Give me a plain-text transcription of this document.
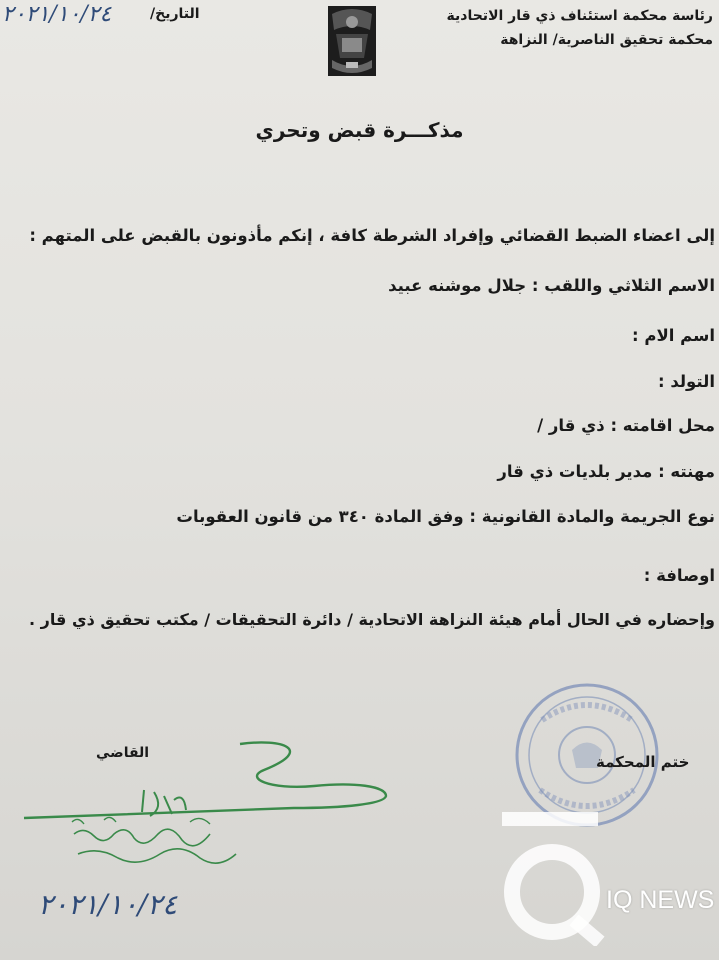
رئاسة محكمة استئناف ذي قار الاتحادية
محكمة تحقيق الناصرية/ النزاهة
التاريخ/
٢٠٢١/١٠/٢٤
مذكـــرة قبض وتحري
إلى اعضاء الضبط القضائي وإفراد الشرطة كافة ، إنكم مأذونون بالقبض على المتهم :
الاسم الثلاثي واللقب : جلال موشنه عبيد
اسم الام :
التولد :
محل اقامته : ذي قار /
مهنته : مدير بلديات ذي قار
نوع الجريمة والمادة القانونية : وفق المادة ٣٤٠ من قانون العقوبات
اوصافة :
وإحضاره في الحال أمام هيئة النزاهة الاتحادية / دائرة التحقيقات / مكتب تحقيق ذي قار .
ختم المحكمة
القاضي
٢٠٢١/١٠/٢٤	IQ NEWS
